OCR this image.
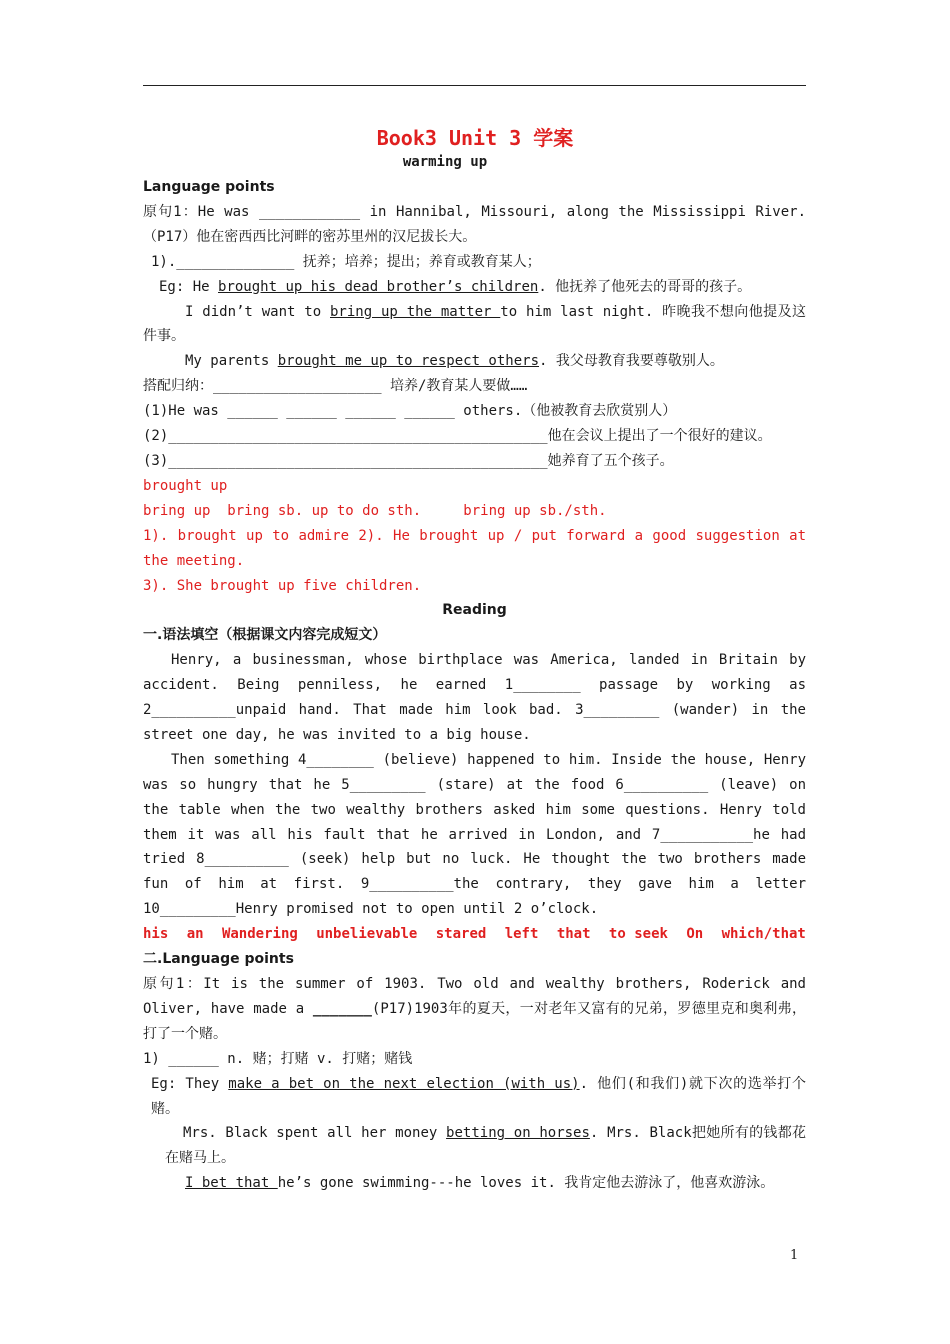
Book3 Unit 3 学案
warming up

Language points

原句1：He was ____________ in Hannibal, Missouri, along the Mississippi River.（P17）他在密西西比河畔的密苏里州的汉尼拔长大。

1).______________ 抚养；培养；提出；养育或教育某人；

Eg: He brought up his dead brother’s children. 他抚养了他死去的哥哥的孩子。

I didn’t want to bring up the matter to him last night. 昨晚我不想向他提及这件事。

My parents brought me up to respect others. 我父母教育我要尊敬别人。

搭配归纳：____________________ 培养/教育某人要做……

(1)He was ______ ______ ______ ______ others.（他被教育去欣赏别人）

(2)_____________________________________________他在会议上提出了一个很好的建议。

(3)_____________________________________________她养育了五个孩子。

brought up

bring up  bring sb. up to do sth.     bring up sb./sth.

1). brought up to admire 2). He brought up / put forward a good suggestion at the meeting.

3). She brought up five children.

Reading

一.语法填空（根据课文内容完成短文）

Henry, a businessman, whose birthplace was America, landed in Britain by accident. Being penniless, he earned 1________ passage by working as 2__________unpaid hand. That made him look bad. 3_________ (wander) in the street one day, he was invited to a big house.

Then something 4________ (believe) happened to him. Inside the house, Henry was so hungry that he 5_________ (stare) at the food 6__________ (leave) on the table when the two wealthy brothers asked him some questions. Henry told them it was all his fault that he arrived in London, and 7___________he had tried 8__________ (seek) help but no luck. He thought the two brothers made fun of him at first. 9__________the contrary, they gave him a letter 10_________Henry promised not to open until 2 o’clock.

his an Wandering unbelievable stared left that to seek On which/that

二.Language points

原句1：It is the summer of 1903. Two old and wealthy brothers, Roderick and Oliver, have made a _______(P17)1903年的夏天，一对老年又富有的兄弟，罗德里克和奥利弗，打了一个赌。

1) ______ n. 赌；打赌 v. 打赌；赌钱

Eg: They make a bet on the next election (with us). 他们(和我们)就下次的选举打个赌。

Mrs. Black spent all her money betting on horses. Mrs. Black把她所有的钱都花在赌马上。

I bet that he’s gone swimming---he loves it. 我肯定他去游泳了，他喜欢游泳。

1
